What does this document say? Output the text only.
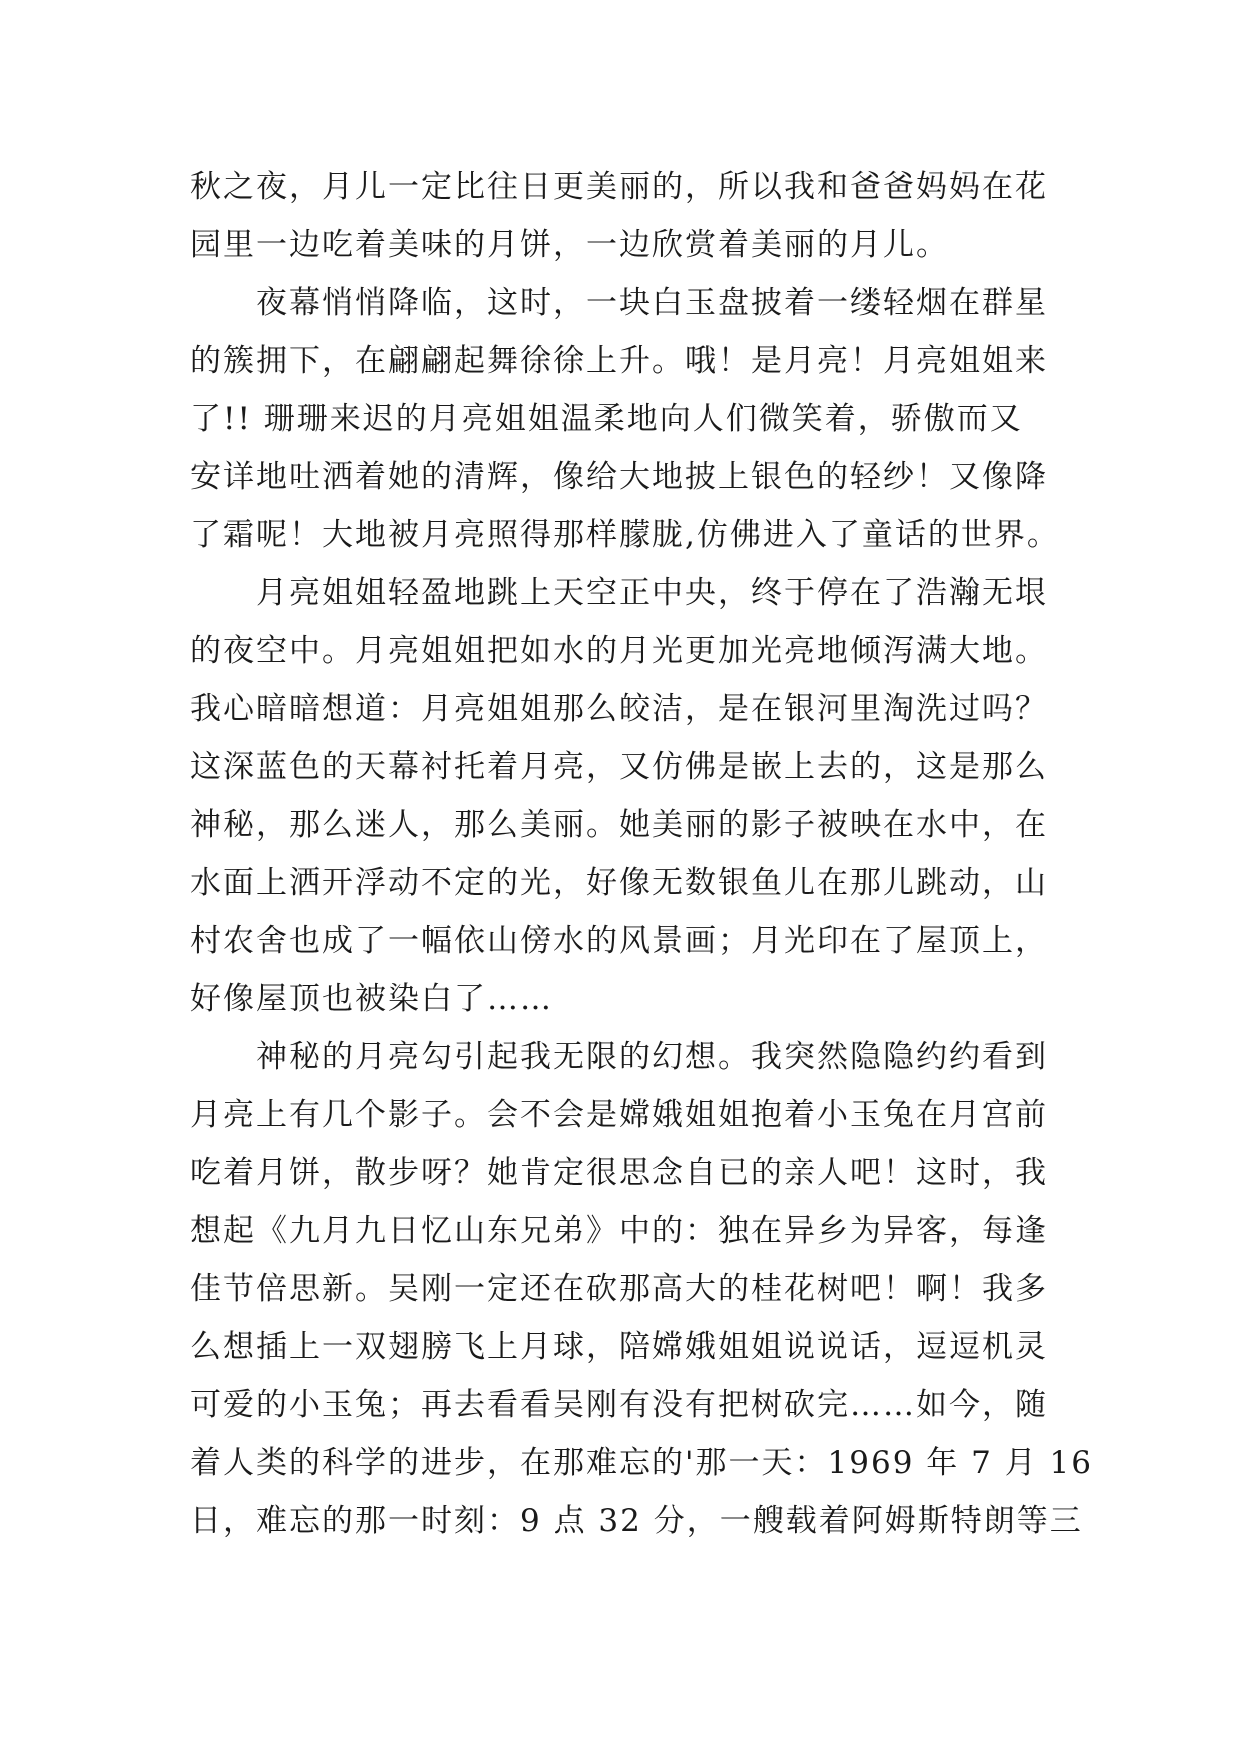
秋之夜，月儿一定比往日更美丽的，所以我和爸爸妈妈在花
园里一边吃着美味的月饼，一边欣赏着美丽的月儿。
　　夜幕悄悄降临，这时，一块白玉盘披着一缕轻烟在群星
的簇拥下，在翩翩起舞徐徐上升。哦！是月亮！月亮姐姐来
了!! 珊珊来迟的月亮姐姐温柔地向人们微笑着，骄傲而又
安详地吐洒着她的清辉，像给大地披上银色的轻纱！又像降
了霜呢！大地被月亮照得那样朦胧,仿佛进入了童话的世界。
　　月亮姐姐轻盈地跳上天空正中央，终于停在了浩瀚无垠
的夜空中。月亮姐姐把如水的月光更加光亮地倾泻满大地。
我心暗暗想道：月亮姐姐那么皎洁，是在银河里淘洗过吗？
这深蓝色的天幕衬托着月亮，又仿佛是嵌上去的，这是那么
神秘，那么迷人，那么美丽。她美丽的影子被映在水中，在
水面上洒开浮动不定的光，好像无数银鱼儿在那儿跳动，山
村农舍也成了一幅依山傍水的风景画；月光印在了屋顶上，
好像屋顶也被染白了……
　　神秘的月亮勾引起我无限的幻想。我突然隐隐约约看到
月亮上有几个影子。会不会是嫦娥姐姐抱着小玉兔在月宫前
吃着月饼，散步呀？她肯定很思念自已的亲人吧！这时，我
想起《九月九日忆山东兄弟》中的：独在异乡为异客，每逢
佳节倍思新。吴刚一定还在砍那高大的桂花树吧！啊！我多
么想插上一双翅膀飞上月球，陪嫦娥姐姐说说话，逗逗机灵
可爱的小玉兔；再去看看吴刚有没有把树砍完……如今，随
着人类的科学的进步，在那难忘的'那一天：1969 年 7 月 16
日，难忘的那一时刻：9 点 32 分，一艘载着阿姆斯特朗等三
